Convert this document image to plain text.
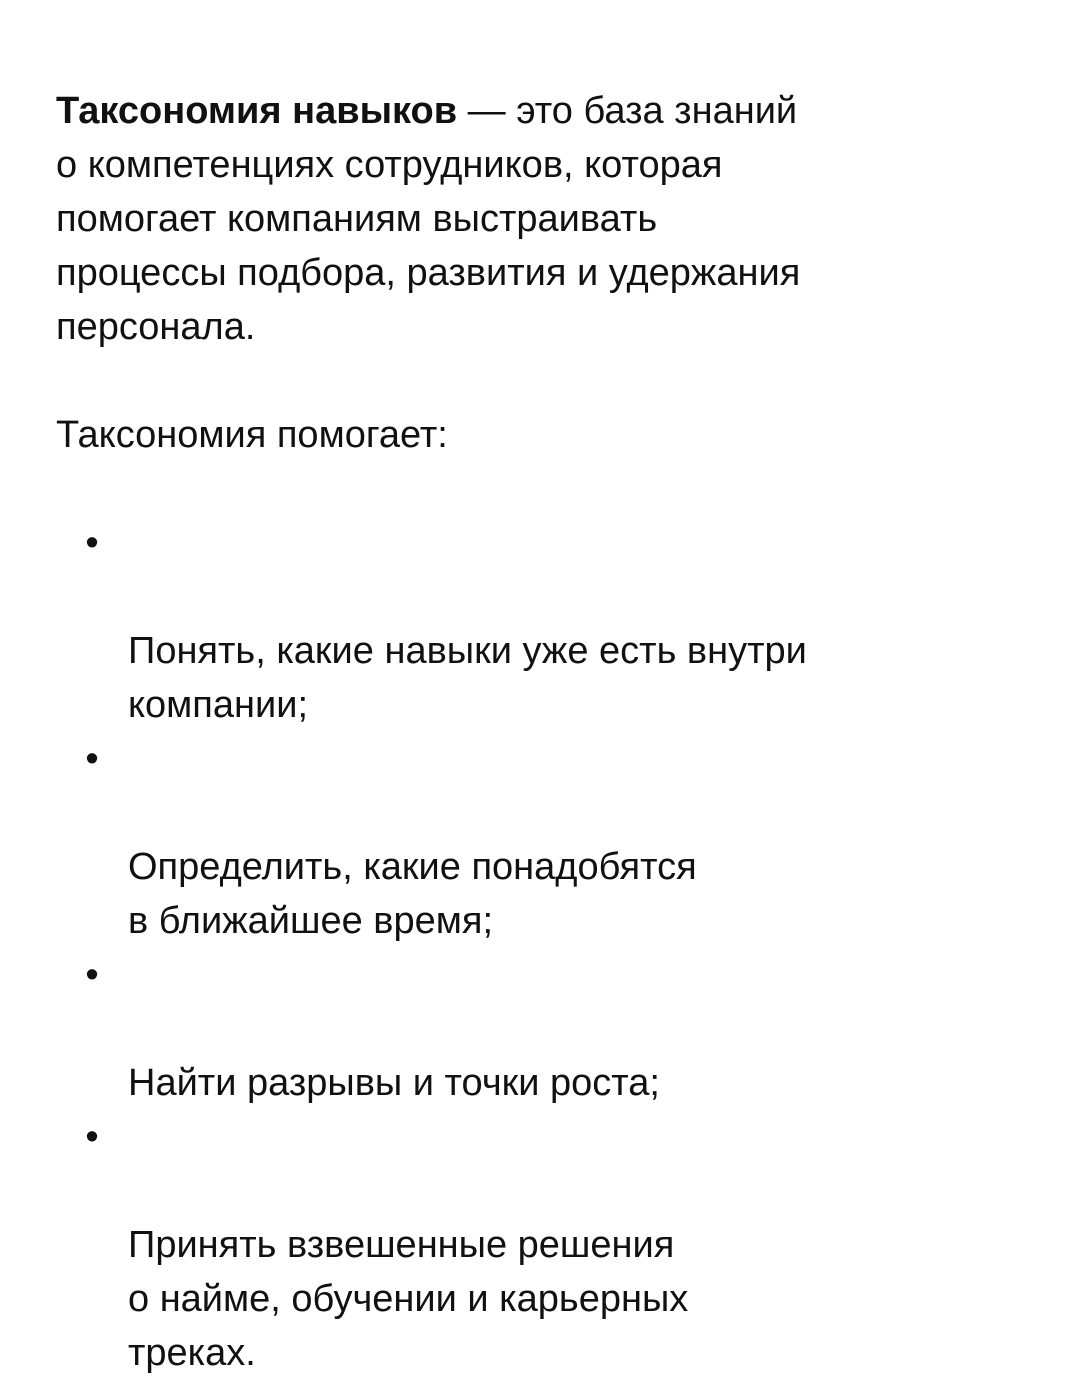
Таксономия навыков — это база знаний
о компетенциях сотрудников, которая
помогает компаниям выстраивать
процессы подбора, развития и удержания
персонала.

Таксономия помогает:

•

Понять, какие навыки уже есть внутри
компании;

•

Определить, какие понадобятся
в ближайшее время;

•

Найти разрывы и точки роста;

•

Принять взвешенные решения
о найме, обучении и карьерных
треках.
